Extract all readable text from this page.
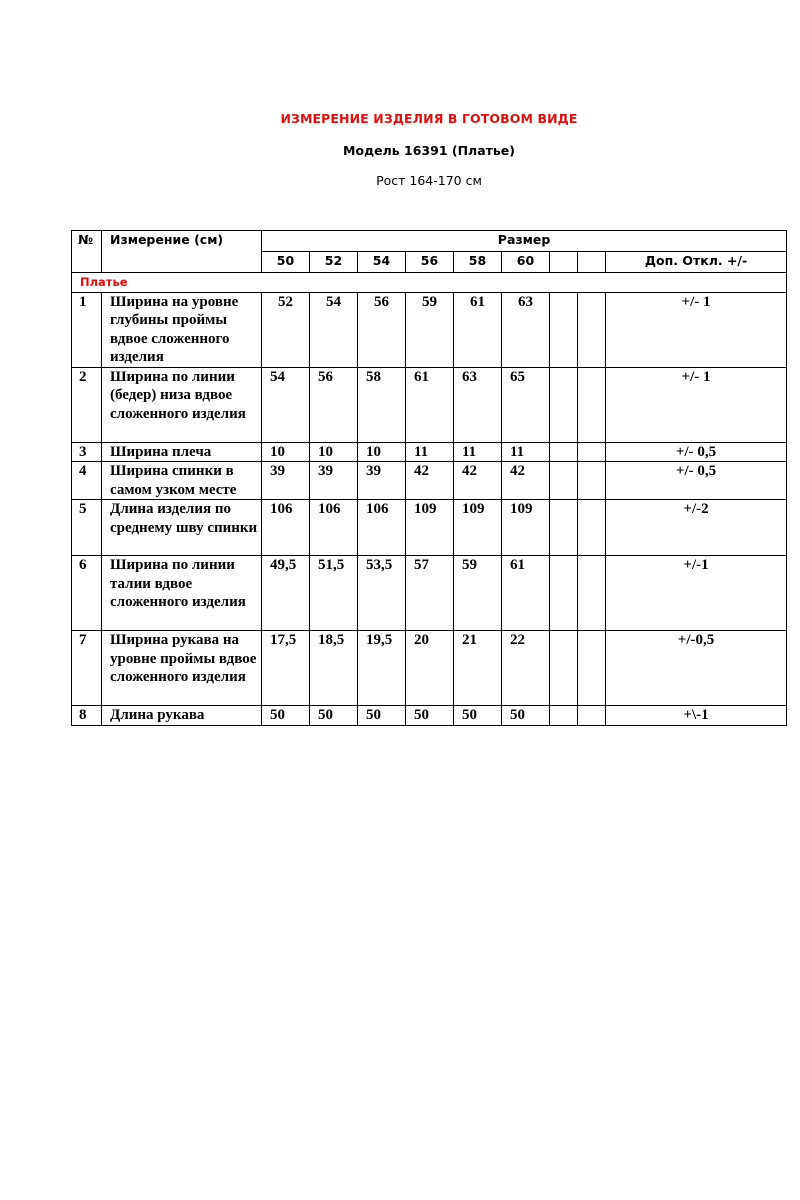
ИЗМЕРЕНИЕ ИЗДЕЛИЯ В ГОТОВОМ ВИДЕ
Модель 16391 (Платье)
Рост 164-170 см
№	Измерение (см)	Размер								
		50	52	54	56	58	60			Доп. Откл. +/-
Платье										
1	Ширина на уровне глубины проймы вдвое сложенного изделия	52	54	56	59	61	63			+/- 1
2	Ширина по линии (бедер) низа вдвое сложенного изделия	54	56	58	61	63	65			+/- 1
3	Ширина плеча	10	10	10	11	11	11			+/- 0,5
4	Ширина спинки в самом узком месте	39	39	39	42	42	42			+/- 0,5
5	Длина изделия по среднему шву спинки	106	106	106	109	109	109			+/-2
6	Ширина по линии талии вдвое сложенного изделия	49,5	51,5	53,5	57	59	61			+/-1
7	Ширина рукава на уровне проймы вдвое сложенного изделия	17,5	18,5	19,5	20	21	22			+/-0,5
8	Длина рукава	50	50	50	50	50	50			+\-1
